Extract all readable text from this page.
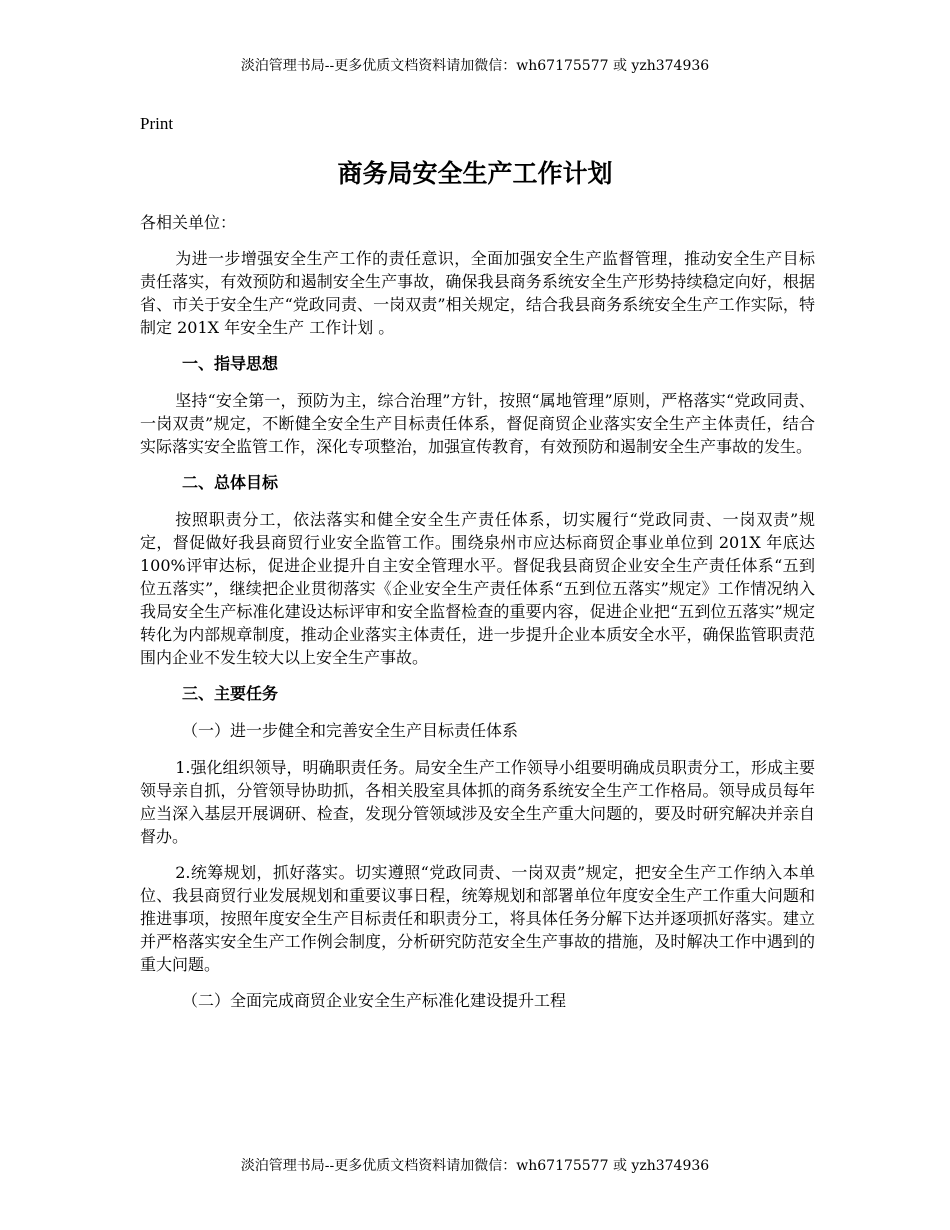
淡泊管理书局--更多优质文档资料请加微信：wh67175577 或 yzh374936
Print
商务局安全生产工作计划

各相关单位：

为进一步增强安全生产工作的责任意识，全面加强安全生产监督管理，推动安全生产目标责任落实，有效预防和遏制安全生产事故，确保我县商务系统安全生产形势持续稳定向好，根据省、市关于安全生产“党政同责、一岗双责”相关规定，结合我县商务系统安全生产工作实际，特制定 201X 年安全生产 工作计划 。

一、指导思想

坚持“安全第一，预防为主，综合治理”方针，按照“属地管理”原则，严格落实“党政同责、一岗双责”规定，不断健全安全生产目标责任体系，督促商贸企业落实安全生产主体责任，结合实际落实安全监管工作，深化专项整治，加强宣传教育，有效预防和遏制安全生产事故的发生。

二、总体目标

按照职责分工，依法落实和健全安全生产责任体系，切实履行“党政同责、一岗双责”规定，督促做好我县商贸行业安全监管工作。围绕泉州市应达标商贸企事业单位到 201X 年底达 100%评审达标，促进企业提升自主安全管理水平。督促我县商贸企业安全生产责任体系“五到位五落实”，继续把企业贯彻落实《企业安全生产责任体系“五到位五落实”规定》工作情况纳入我局安全生产标准化建设达标评审和安全监督检查的重要内容，促进企业把“五到位五落实”规定转化为内部规章制度，推动企业落实主体责任，进一步提升企业本质安全水平，确保监管职责范围内企业不发生较大以上安全生产事故。

三、主要任务

（一）进一步健全和完善安全生产目标责任体系

1.强化组织领导，明确职责任务。局安全生产工作领导小组要明确成员职责分工，形成主要领导亲自抓，分管领导协助抓，各相关股室具体抓的商务系统安全生产工作格局。领导成员每年应当深入基层开展调研、检查，发现分管领域涉及安全生产重大问题的，要及时研究解决并亲自督办。

2.统筹规划，抓好落实。切实遵照“党政同责、一岗双责”规定，把安全生产工作纳入本单位、我县商贸行业发展规划和重要议事日程，统筹规划和部署单位年度安全生产工作重大问题和推进事项，按照年度安全生产目标责任和职责分工，将具体任务分解下达并逐项抓好落实。建立并严格落实安全生产工作例会制度，分析研究防范安全生产事故的措施，及时解决工作中遇到的重大问题。

（二）全面完成商贸企业安全生产标准化建设提升工程

淡泊管理书局--更多优质文档资料请加微信：wh67175577 或 yzh374936
